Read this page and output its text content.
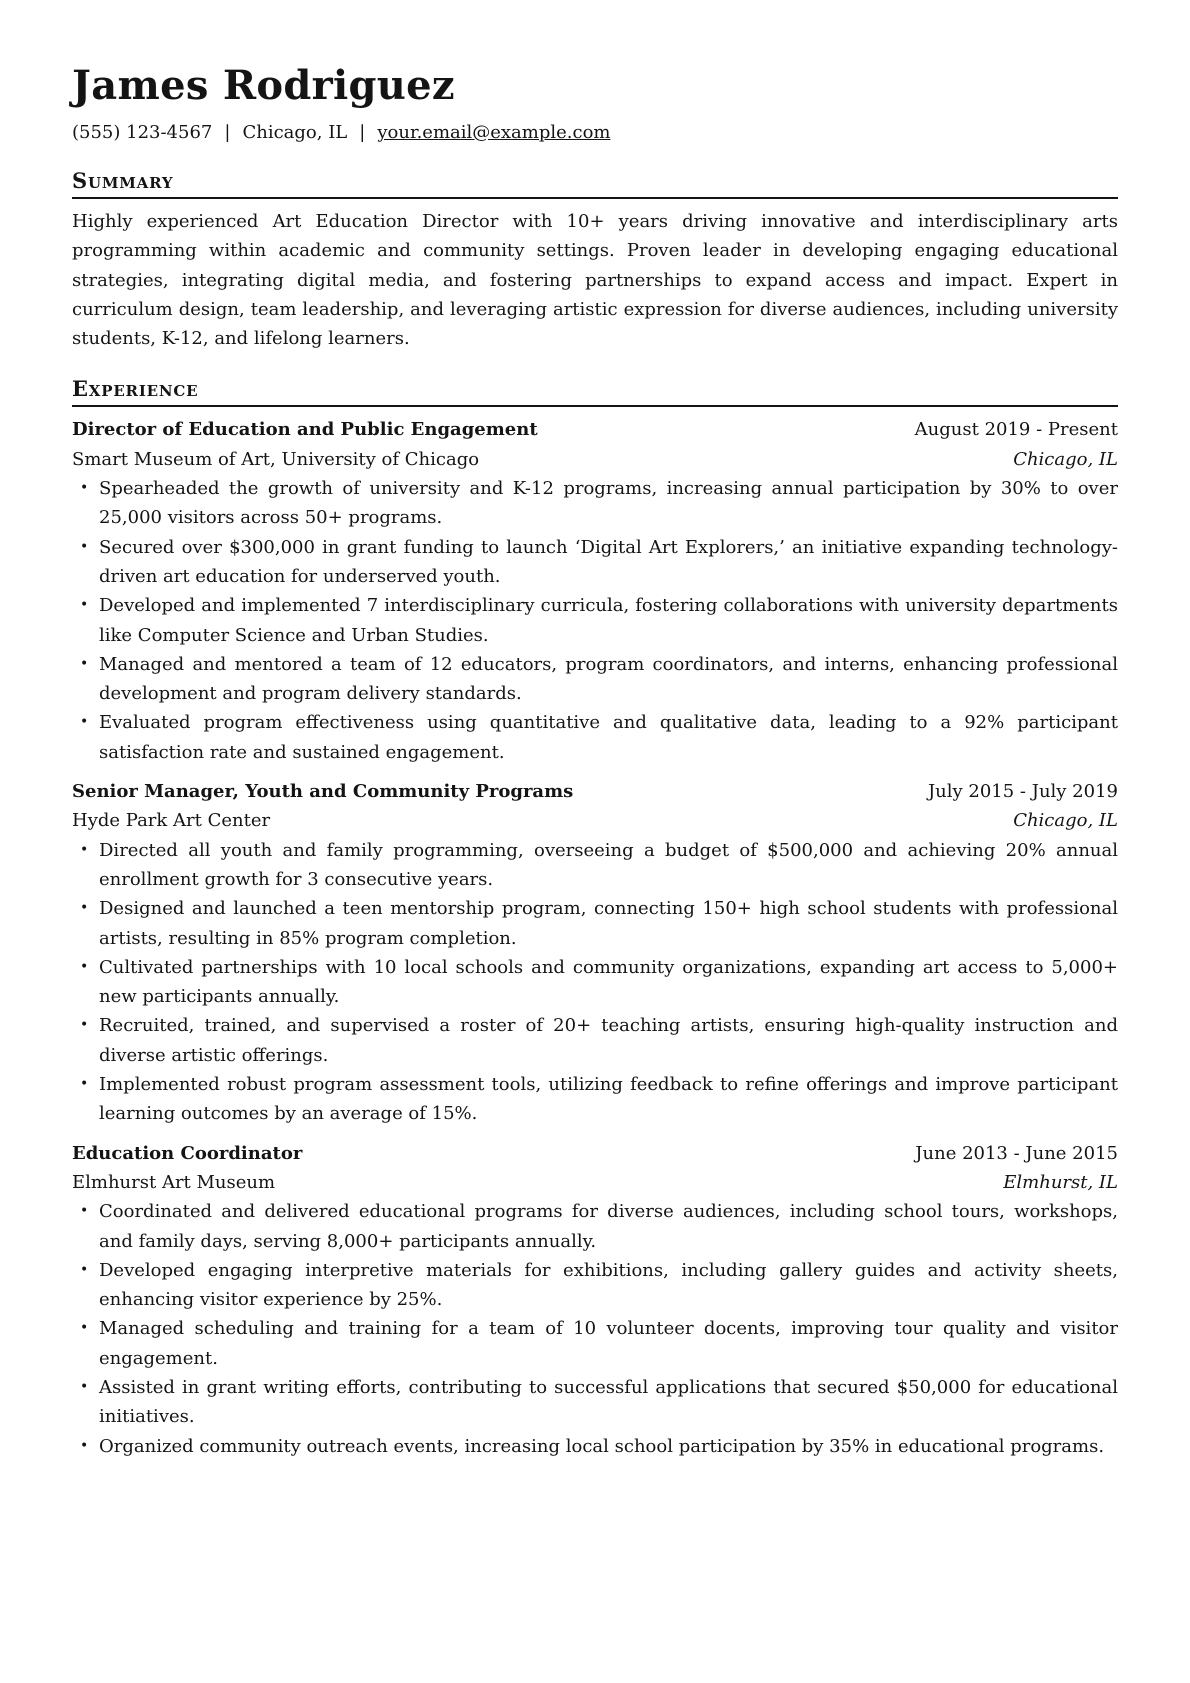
James Rodriguez
(555) 123-4567 | Chicago, IL | your.email@example.com
Summary
Highly experienced Art Education Director with 10+ years driving innovative and interdisciplinary arts programming within academic and community settings. Proven leader in developing engaging educational strategies, integrating digital media, and fostering partnerships to expand access and impact. Expert in curriculum design, team leadership, and leveraging artistic expression for diverse audiences, including university students, K-12, and lifelong learners.
Experience
Director of Education and Public Engagement	August 2019 - Present
Smart Museum of Art, University of Chicago	Chicago, IL
• Spearheaded the growth of university and K-12 programs, increasing annual participation by 30% to over 25,000 visitors across 50+ programs.
• Secured over $300,000 in grant funding to launch ‘Digital Art Explorers,’ an initiative expanding technology-driven art education for underserved youth.
• Developed and implemented 7 interdisciplinary curricula, fostering collaborations with university departments like Computer Science and Urban Studies.
• Managed and mentored a team of 12 educators, program coordinators, and interns, enhancing professional development and program delivery standards.
• Evaluated program effectiveness using quantitative and qualitative data, leading to a 92% participant satisfaction rate and sustained engagement.
Senior Manager, Youth and Community Programs	July 2015 - July 2019
Hyde Park Art Center	Chicago, IL
• Directed all youth and family programming, overseeing a budget of $500,000 and achieving 20% annual enrollment growth for 3 consecutive years.
• Designed and launched a teen mentorship program, connecting 150+ high school students with professional artists, resulting in 85% program completion.
• Cultivated partnerships with 10 local schools and community organizations, expanding art access to 5,000+ new participants annually.
• Recruited, trained, and supervised a roster of 20+ teaching artists, ensuring high-quality instruction and diverse artistic offerings.
• Implemented robust program assessment tools, utilizing feedback to refine offerings and improve participant learning outcomes by an average of 15%.
Education Coordinator	June 2013 - June 2015
Elmhurst Art Museum	Elmhurst, IL
• Coordinated and delivered educational programs for diverse audiences, including school tours, workshops, and family days, serving 8,000+ participants annually.
• Developed engaging interpretive materials for exhibitions, including gallery guides and activity sheets, enhancing visitor experience by 25%.
• Managed scheduling and training for a team of 10 volunteer docents, improving tour quality and visitor engagement.
• Assisted in grant writing efforts, contributing to successful applications that secured $50,000 for educational initiatives.
• Organized community outreach events, increasing local school participation by 35% in educational programs.
